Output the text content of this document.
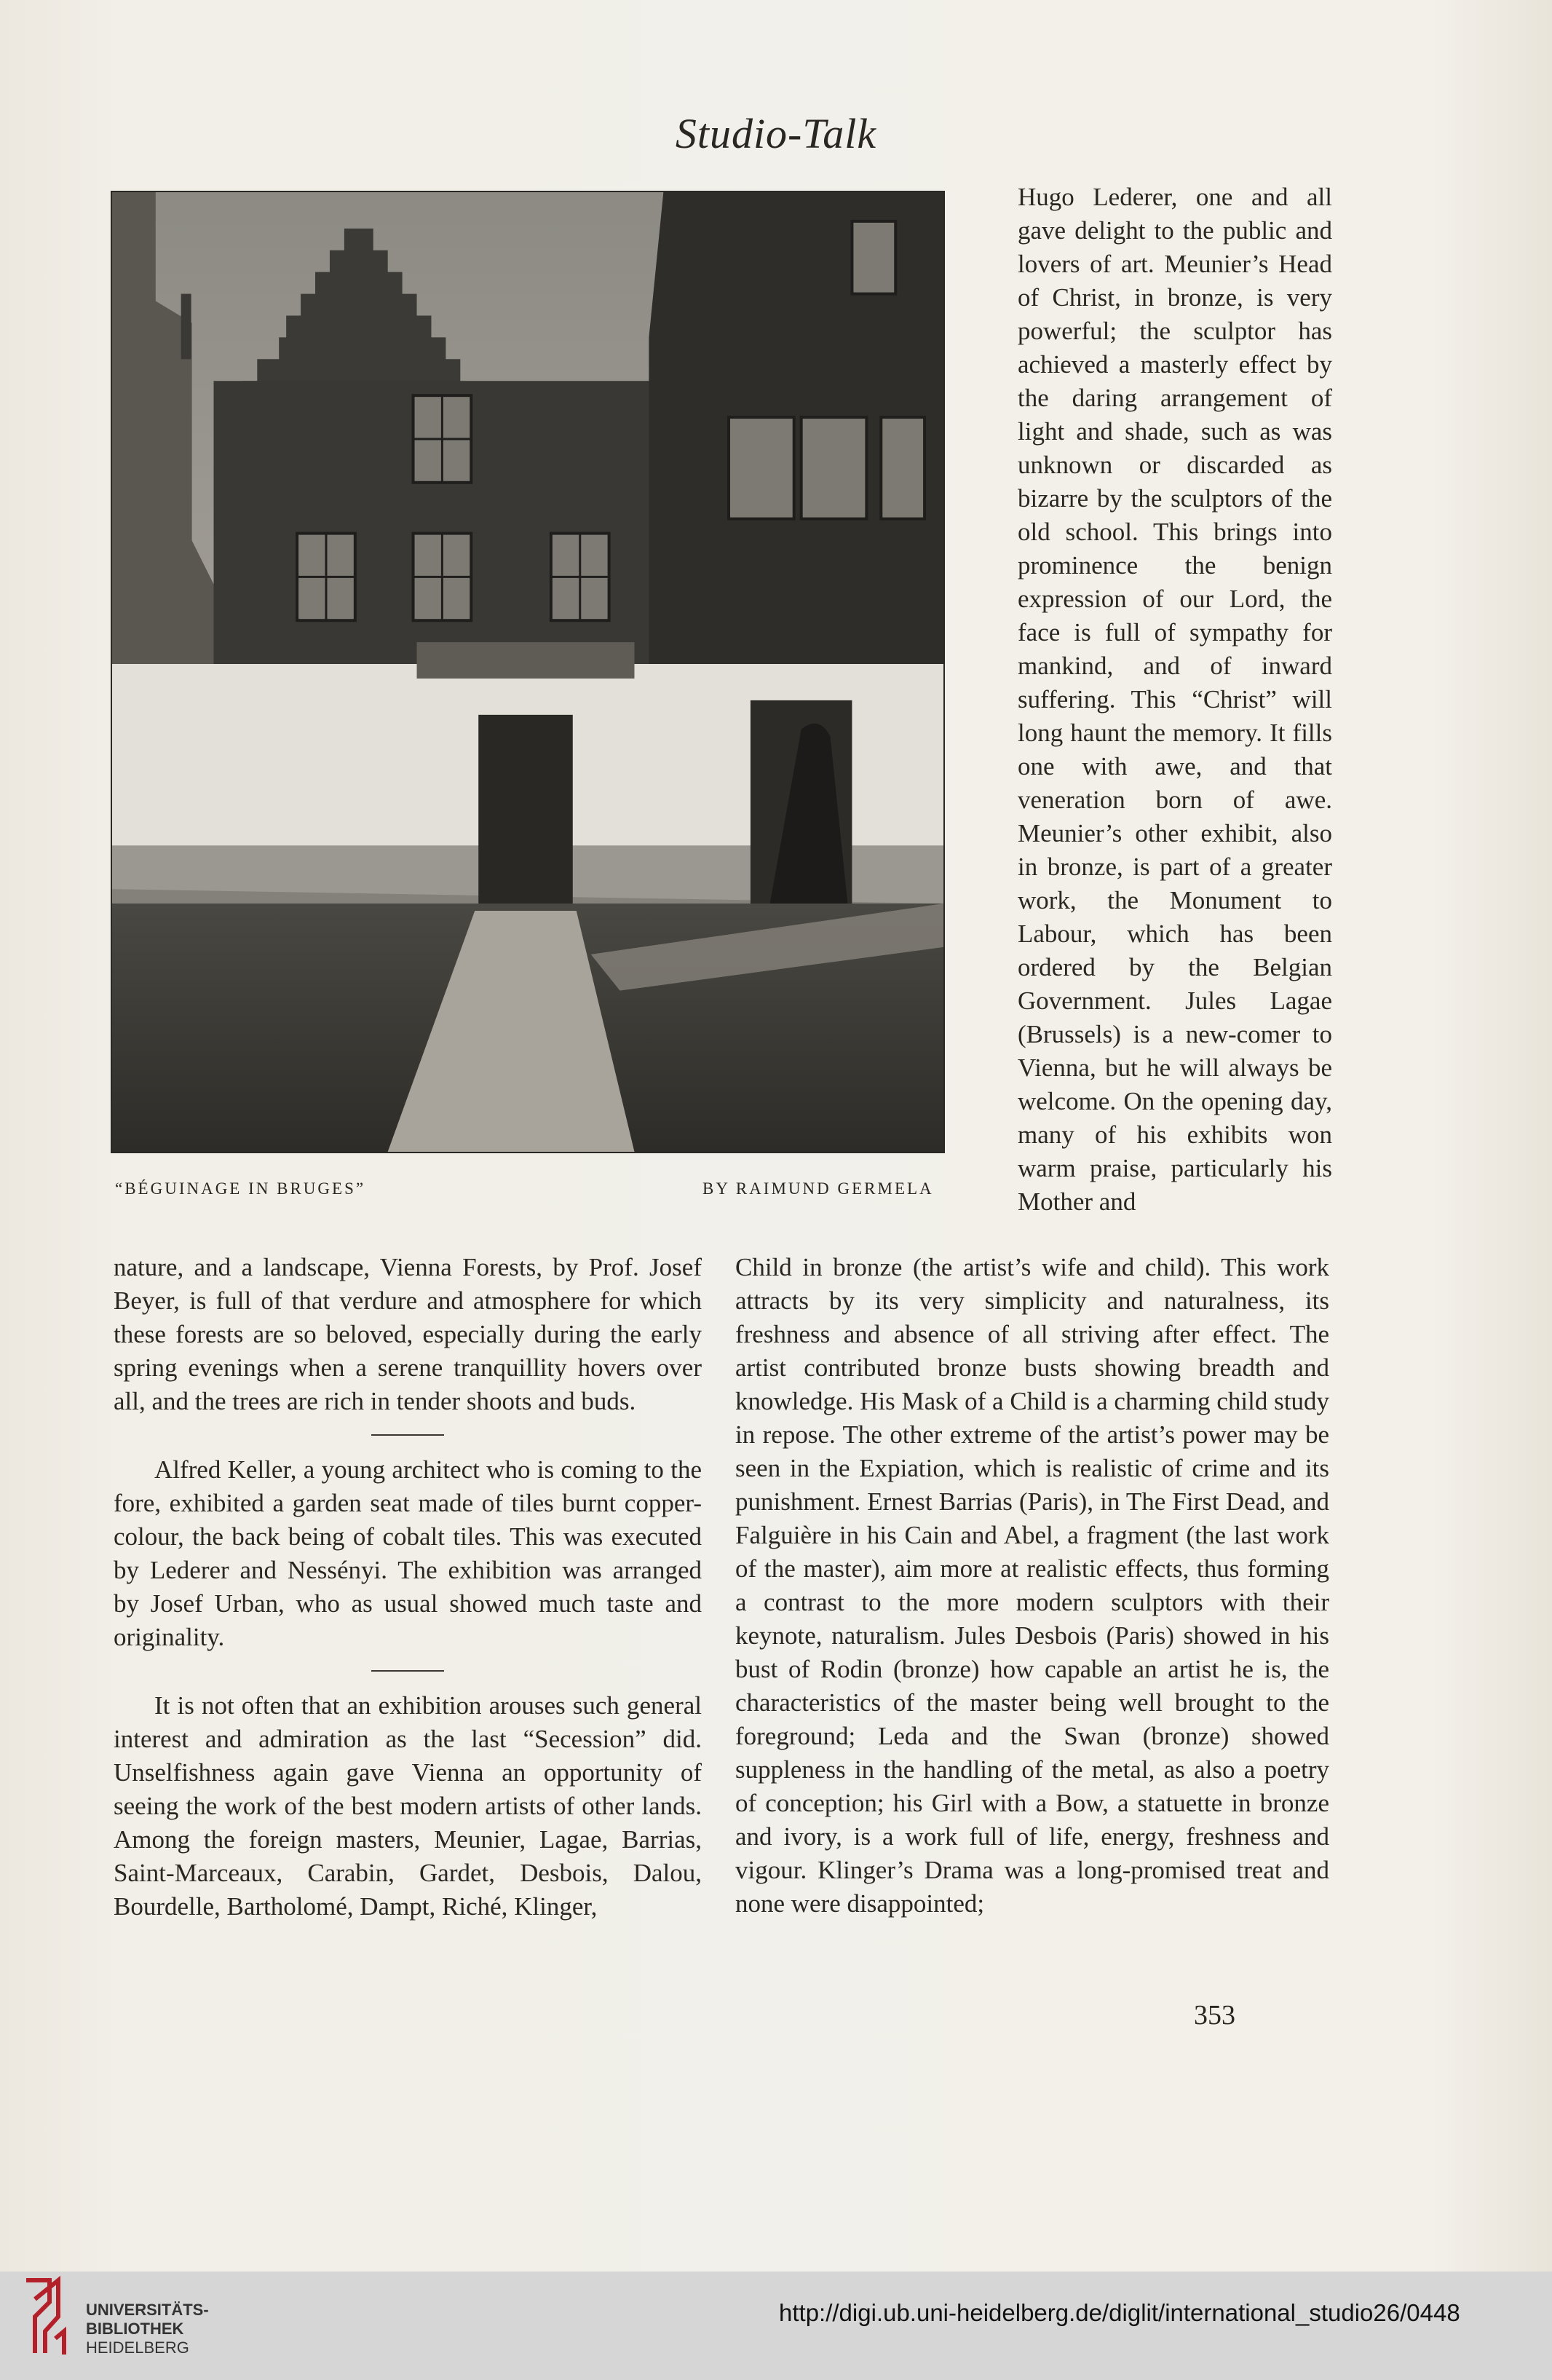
Studio-Talk
“BÉGUINAGE IN BRUGES”	BY RAIMUND GERMELA

Hugo Lederer, one and all gave delight to the public and lovers of art. Meunier’s Head of Christ, in bronze, is very powerful; the sculptor has achieved a masterly effect by the daring arrangement of light and shade, such as was unknown or discarded as bizarre by the sculptors of the old school. This brings into prominence the benign expression of our Lord, the face is full of sympathy for mankind, and of inward suffering. This “Christ” will long haunt the memory. It fills one with awe, and that veneration born of awe. Meunier’s other exhibit, also in bronze, is part of a greater work, the Monument to Labour, which has been ordered by the Belgian Government. Jules Lagae (Brussels) is a new-comer to Vienna, but he will always be welcome. On the opening day, many of his exhibits won warm praise, particularly his Mother and

nature, and a landscape, Vienna Forests, by Prof. Josef Beyer, is full of that verdure and atmosphere for which these forests are so beloved, especially during the early spring evenings when a serene tranquillity hovers over all, and the trees are rich in tender shoots and buds.

Alfred Keller, a young architect who is coming to the fore, exhibited a garden seat made of tiles burnt copper-colour, the back being of cobalt tiles. This was executed by Lederer and Nessényi. The exhibition was arranged by Josef Urban, who as usual showed much taste and originality.

It is not often that an exhibition arouses such general interest and admiration as the last “Secession” did. Unselfishness again gave Vienna an opportunity of seeing the work of the best modern artists of other lands. Among the foreign masters, Meunier, Lagae, Barrias, Saint-Marceaux, Carabin, Gardet, Desbois, Dalou, Bourdelle, Bartholomé, Dampt, Riché, Klinger,

Child in bronze (the artist’s wife and child). This work attracts by its very simplicity and naturalness, its freshness and absence of all striving after effect. The artist contributed bronze busts showing breadth and knowledge. His Mask of a Child is a charming child study in repose. The other extreme of the artist’s power may be seen in the Expiation, which is realistic of crime and its punishment. Ernest Barrias (Paris), in The First Dead, and Falguière in his Cain and Abel, a fragment (the last work of the master), aim more at realistic effects, thus forming a contrast to the more modern sculptors with their keynote, naturalism. Jules Desbois (Paris) showed in his bust of Rodin (bronze) how capable an artist he is, the characteristics of the master being well brought to the foreground; Leda and the Swan (bronze) showed suppleness in the handling of the metal, as also a poetry of conception; his Girl with a Bow, a statuette in bronze and ivory, is a work full of life, energy, freshness and vigour. Klinger’s Drama was a long-promised treat and none were disappointed;

353
UNIVERSITÄTS-
BIBLIOTHEK
HEIDELBERG
http://digi.ub.uni-heidelberg.de/diglit/international_studio26/0448
